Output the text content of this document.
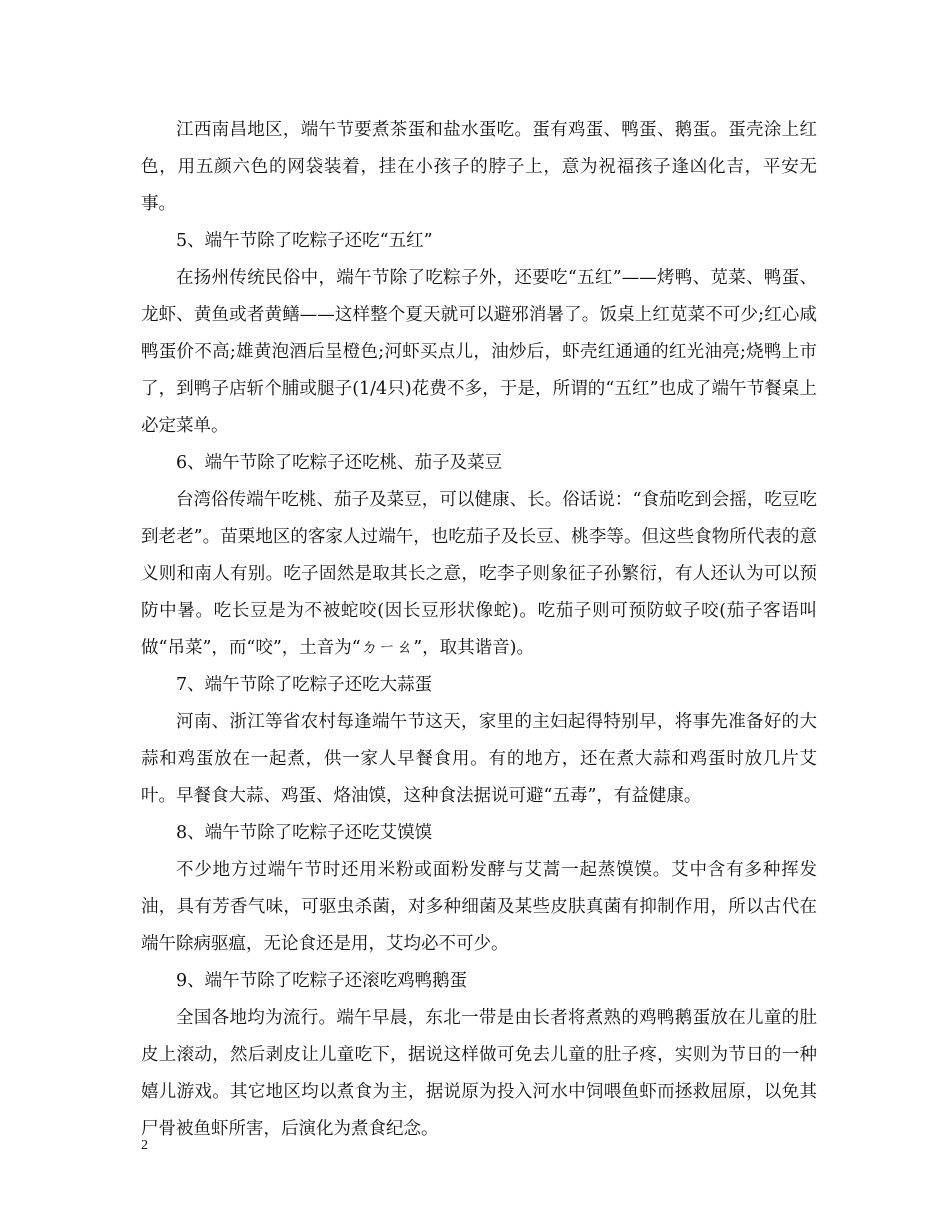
江西南昌地区，端午节要煮茶蛋和盐水蛋吃。蛋有鸡蛋、鸭蛋、鹅蛋。蛋壳涂上红色，用五颜六色的网袋装着，挂在小孩子的脖子上，意为祝福孩子逢凶化吉，平安无事。

5、端午节除了吃粽子还吃“五红”

在扬州传统民俗中，端午节除了吃粽子外，还要吃“五红”——烤鸭、苋菜、鸭蛋、龙虾、黄鱼或者黄鳝——这样整个夏天就可以避邪消暑了。饭桌上红苋菜不可少;红心咸鸭蛋价不高;雄黄泡酒后呈橙色;河虾买点儿，油炒后，虾壳红通通的红光油亮;烧鸭上市了，到鸭子店斩个脯或腿子(1/4只)花费不多，于是，所谓的“五红”也成了端午节餐桌上必定菜单。

6、端午节除了吃粽子还吃桃、茄子及菜豆

台湾俗传端午吃桃、茄子及菜豆，可以健康、长。俗话说：“食茄吃到会摇，吃豆吃到老老”。苗栗地区的客家人过端午，也吃茄子及长豆、桃李等。但这些食物所代表的意义则和南人有别。吃子固然是取其长之意，吃李子则象征子孙繁衍，有人还认为可以预防中暑。吃长豆是为不被蛇咬(因长豆形状像蛇)。吃茄子则可预防蚊子咬(茄子客语叫做“吊菜”，而“咬”，土音为“ㄉㄧㄠ”，取其谐音)。

7、端午节除了吃粽子还吃大蒜蛋

河南、浙江等省农村每逢端午节这天，家里的主妇起得特别早，将事先准备好的大蒜和鸡蛋放在一起煮，供一家人早餐食用。有的地方，还在煮大蒜和鸡蛋时放几片艾叶。早餐食大蒜、鸡蛋、烙油馍，这种食法据说可避“五毒”，有益健康。

8、端午节除了吃粽子还吃艾馍馍

不少地方过端午节时还用米粉或面粉发酵与艾蒿一起蒸馍馍。艾中含有多种挥发油，具有芳香气味，可驱虫杀菌，对多种细菌及某些皮肤真菌有抑制作用，所以古代在端午除病驱瘟，无论食还是用，艾均必不可少。

9、端午节除了吃粽子还滚吃鸡鸭鹅蛋

全国各地均为流行。端午早晨，东北一带是由长者将煮熟的鸡鸭鹅蛋放在儿童的肚皮上滚动，然后剥皮让儿童吃下，据说这样做可免去儿童的肚子疼，实则为节日的一种嬉儿游戏。其它地区均以煮食为主，据说原为投入河水中饲喂鱼虾而拯救屈原，以免其尸骨被鱼虾所害，后演化为煮食纪念。

2
